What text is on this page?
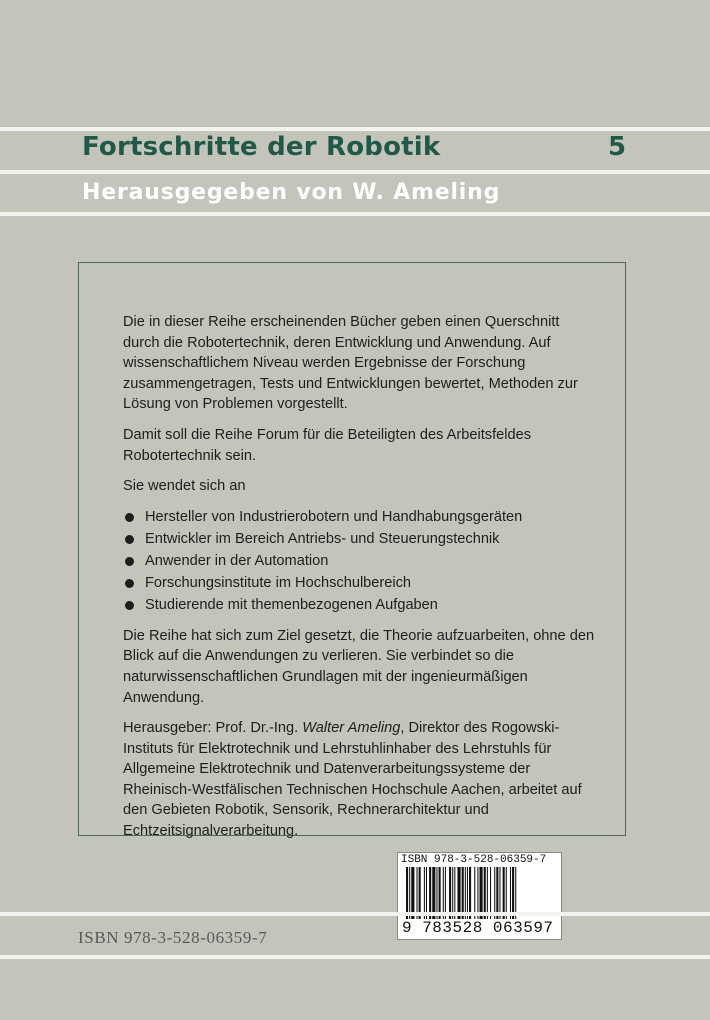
Fortschritte der Robotik	5
Herausgegeben von W. Ameling

Die in dieser Reihe erscheinenden Bücher geben einen Querschnitt durch die Robotertechnik, deren Entwicklung und Anwendung. Auf wissenschaftlichem Niveau werden Ergebnisse der Forschung zusammengetragen, Tests und Entwicklungen bewertet, Methoden zur Lösung von Problemen vorgestellt.

Damit soll die Reihe Forum für die Beteiligten des Arbeitsfeldes Robotertechnik sein.

Sie wendet sich an

Hersteller von Industrierobotern und Handhabungsgeräten
Entwickler im Bereich Antriebs- und Steuerungstechnik
Anwender in der Automation
Forschungsinstitute im Hochschulbereich
Studierende mit themenbezogenen Aufgaben

Die Reihe hat sich zum Ziel gesetzt, die Theorie aufzuarbeiten, ohne den Blick auf die Anwendungen zu verlieren. Sie verbindet so die naturwissenschaftlichen Grundlagen mit der ingenieurmäßigen Anwendung.

Herausgeber: Prof. Dr.-Ing. Walter Ameling, Direktor des Rogowski-Instituts für Elektrotechnik und Lehrstuhlinhaber des Lehrstuhls für Allgemeine Elektrotechnik und Datenverarbeitungssysteme der Rheinisch-Westfälischen Technischen Hochschule Aachen, arbeitet auf den Gebieten Robotik, Sensorik, Rechnerarchitektur und Echtzeitsignalverarbeitung.

ISBN 978-3-528-06359-7
9 783528 063597
ISBN 978-3-528-06359-7
